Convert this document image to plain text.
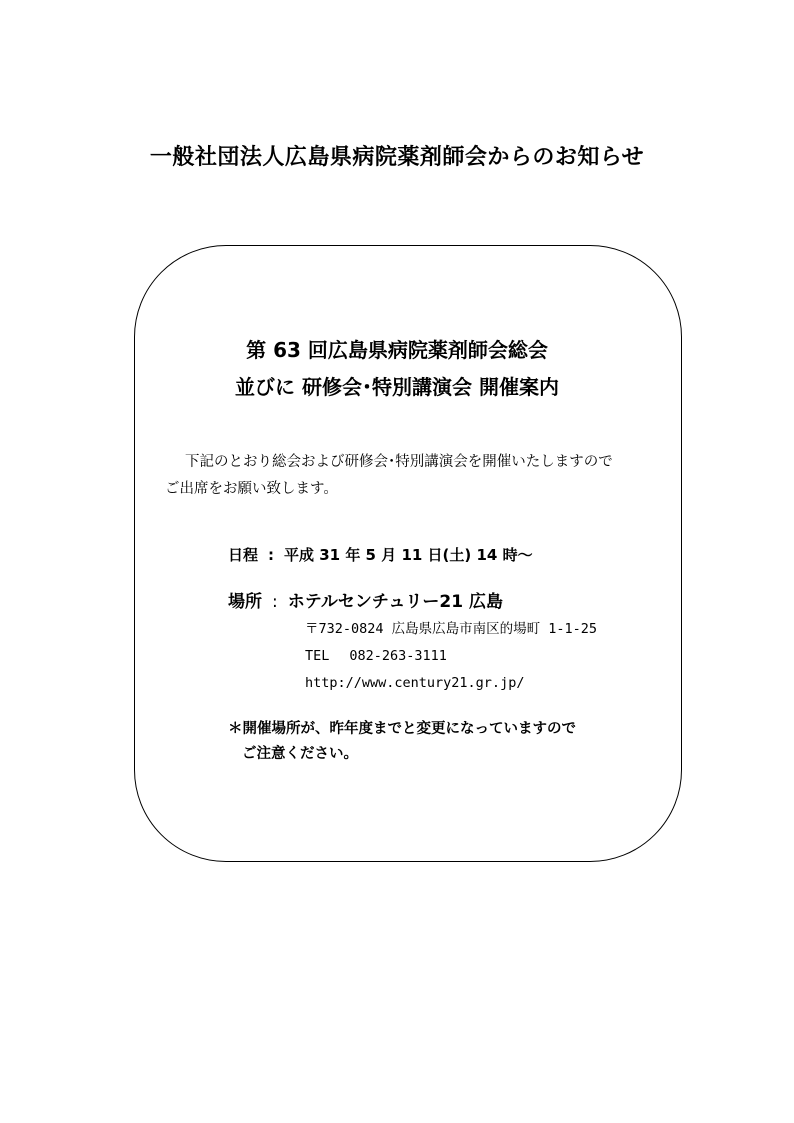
一般社団法人広島県病院薬剤師会からのお知らせ
第 63 回広島県病院薬剤師会総会
並びに 研修会･特別講演会 開催案内
下記のとおり総会および研修会･特別講演会を開催いたしますので
ご出席をお願い致します。
日程 : 平成 31 年 5 月 11 日(土) 14 時～
場所 : ホテルセンチュリー21 広島
〒732-0824 広島県広島市南区的場町 1-1-25
TEL 082-263-3111
http://www.century21.gr.jp/
＊開催場所が、昨年度までと変更になっていますので
ご注意ください。
